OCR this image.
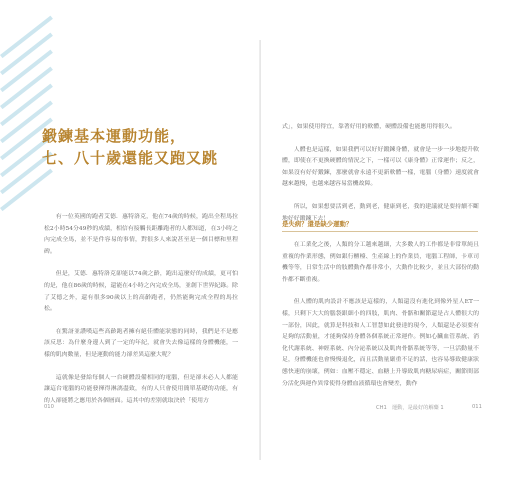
鍛鍊基本運動功能，
七、八十歲還能又跑又跳

有一位英國的跑者艾德．惠特洛克，他在74歲的時候，跑出全程馬拉松2小時54分49秒的成績，相信有接觸長距離跑者的人都知道，在3小時之內完成全馬，並不是件容易的事情，對很多人來說甚至是一個目標和里程碑。

但是，艾德．惠特洛克卻能以74歲之齡，跑出這麼好的成績，更可怕的是，他在86歲的時候，還能在4小時之內完成全馬，並創下世界紀錄。除了艾德之外，還有很多90歲以上的高齡跑者，仍然能夠完成全程的馬拉松。

在驚訝並讚嘆這些高齡跑者擁有絕佳體能狀態的同時，我們是不是應該反思：為什麼身邊人到了一定的年紀，就會失去像這樣的身體機能，一樣的肌肉數量，但是運動的能力卻差異這麼大呢？

這就像是發給每個人一台硬體設備相同的電腦，但是卻未必人人都能讓這台電腦的功能發揮得淋漓盡致，有的人只會使用簡單基礎的功能，有的人卻能將之應用於各個層面。這其中的差別就取決於「使用方

010

式」，如果使用得宜，靠著好用的軟體，硬體設備也能應用得很久。

人體也是這樣，如果我們可以好好鍛鍊身體，就會是一步一步地提升軟體，即使在不更換硬體的情況之下，一樣可以《康身體》正常運作；反之，如果沒有好好鍛鍊，那麼就會永遠不更新軟體一樣，電腦（身體）速度就會越來越慢，也越來越容易當機故障。

所以，如果想要活到老，動到老，健康到老，我的建議就是要持續不斷地好好鍛鍊下去！

是失病？還是缺少運動？

在工業化之後，人類的分工越來越細，大多數人的工作都是非常單純且重複的作業形態，例如銀行櫃檯、生產線上的作業員，電腦工程師，卡車司機等等，日常生活中的肢體動作都非常小，大動作比較少，並且大部份的動作都不斷重複。

但人體的肌肉設計不應該是這樣的，人類還沒有進化到像外星人ET一樣，只剩下大大的腦袋跟細小的四肢，肌肉、骨骼和關節還是占人體很大的一部份，因此，就算是科技和人工智慧如此發達的現今，人類還是必須要有足夠的活動量，才能夠保持身體各個系統正常運作。例如心臟血管系統、消化代謝系統、神經系統、內分泌系統以及肌肉骨骼系統等等，一旦活動量不足，身體機能也會慢慢退化，而且活動量嚴重不足的話，也容易導致健康狀態快速的崩壞，例如：血壓不穩定、血糖上升導致肌肉糖尿病症，關節間部分活化與運作異常使得身體血液循環也會變差，動作

CH1　運動，是最好的解藥 1	011
